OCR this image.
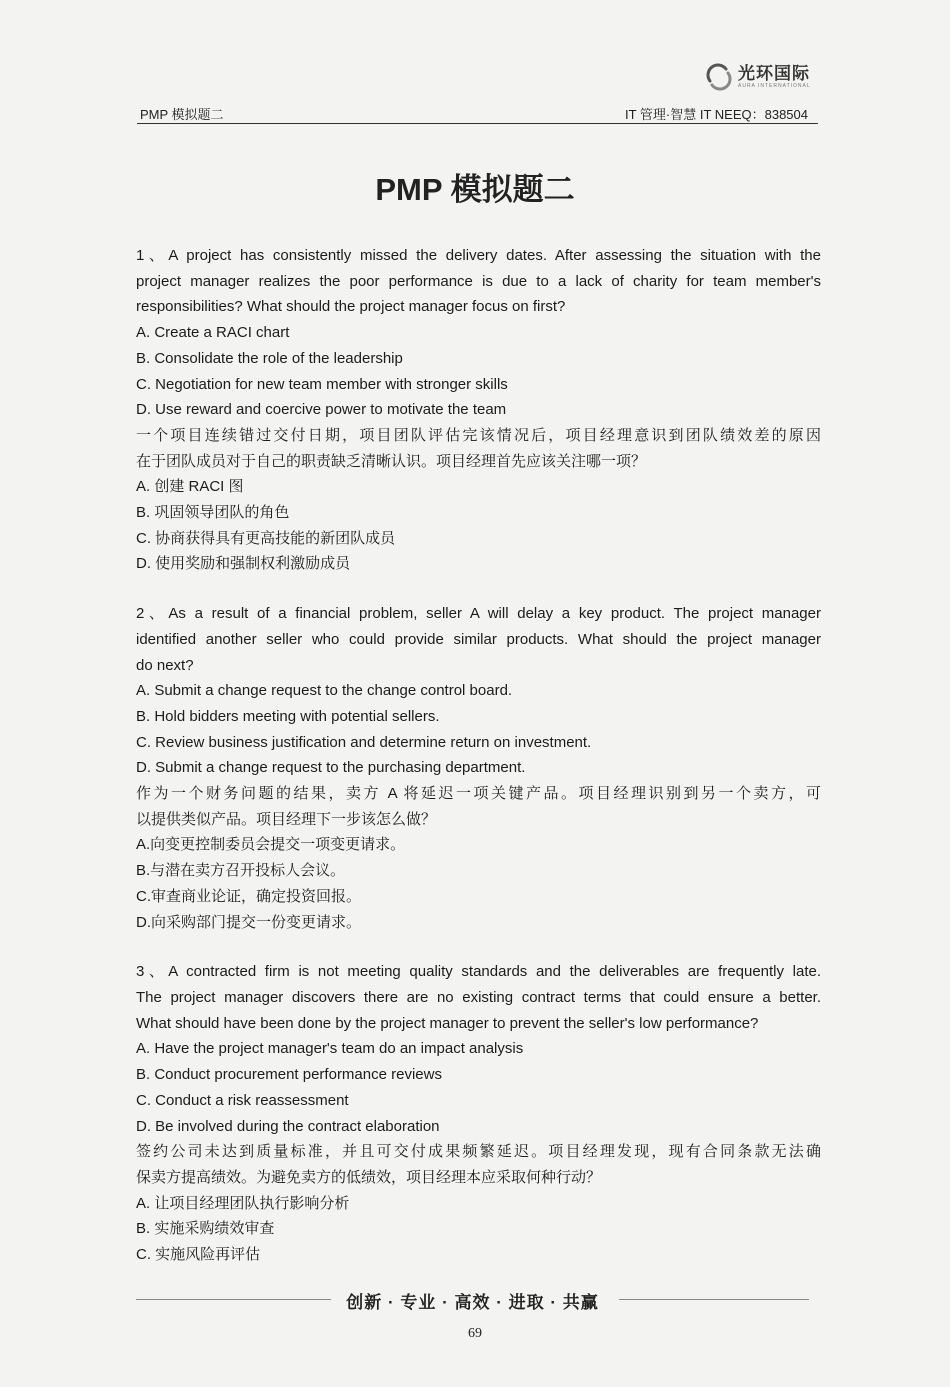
光环国际
AURA INTERNATIONAL
PMP 模拟题二	IT 管理·智慧 IT NEEQ：838504
PMP 模拟题二

1、A project has consistently missed the delivery dates. After assessing the situation with the

project manager realizes the poor performance is due to a lack of charity for team member's

responsibilities? What should the project manager focus on first?

A. Create a RACI chart

B. Consolidate the role of the leadership

C. Negotiation for new team member with stronger skills

D. Use reward and coercive power to motivate the team

一个项目连续错过交付日期，项目团队评估完该情况后，项目经理意识到团队绩效差的原因

在于团队成员对于自己的职责缺乏清晰认识。项目经理首先应该关注哪一项？

A. 创建 RACI 图

B. 巩固领导团队的角色

C. 协商获得具有更高技能的新团队成员

D. 使用奖励和强制权利激励成员

2、As a result of a financial problem, seller A will delay a key product. The project manager

identified another seller who could provide similar products. What should the project manager

do next?

A. Submit a change request to the change control board.

B. Hold bidders meeting with potential sellers.

C. Review business justification and determine return on investment.

D. Submit a change request to the purchasing department.

作为一个财务问题的结果，卖方 A 将延迟一项关键产品。项目经理识别到另一个卖方，可

以提供类似产品。项目经理下一步该怎么做？

A.向变更控制委员会提交一项变更请求。

B.与潜在卖方召开投标人会议。

C.审查商业论证，确定投资回报。

D.向采购部门提交一份变更请求。

3、A contracted firm is not meeting quality standards and the deliverables are frequently late.

The project manager discovers there are no existing contract terms that could ensure a better.

What should have been done by the project manager to prevent the seller's low performance?

A. Have the project manager's team do an impact analysis

B. Conduct procurement performance reviews

C. Conduct a risk reassessment

D. Be involved during the contract elaboration

签约公司未达到质量标准，并且可交付成果频繁延迟。项目经理发现，现有合同条款无法确

保卖方提高绩效。为避免卖方的低绩效，项目经理本应采取何种行动？

A. 让项目经理团队执行影响分析

B. 实施采购绩效审查

C. 实施风险再评估

创新 · 专业 · 高效 · 进取 · 共赢
69
